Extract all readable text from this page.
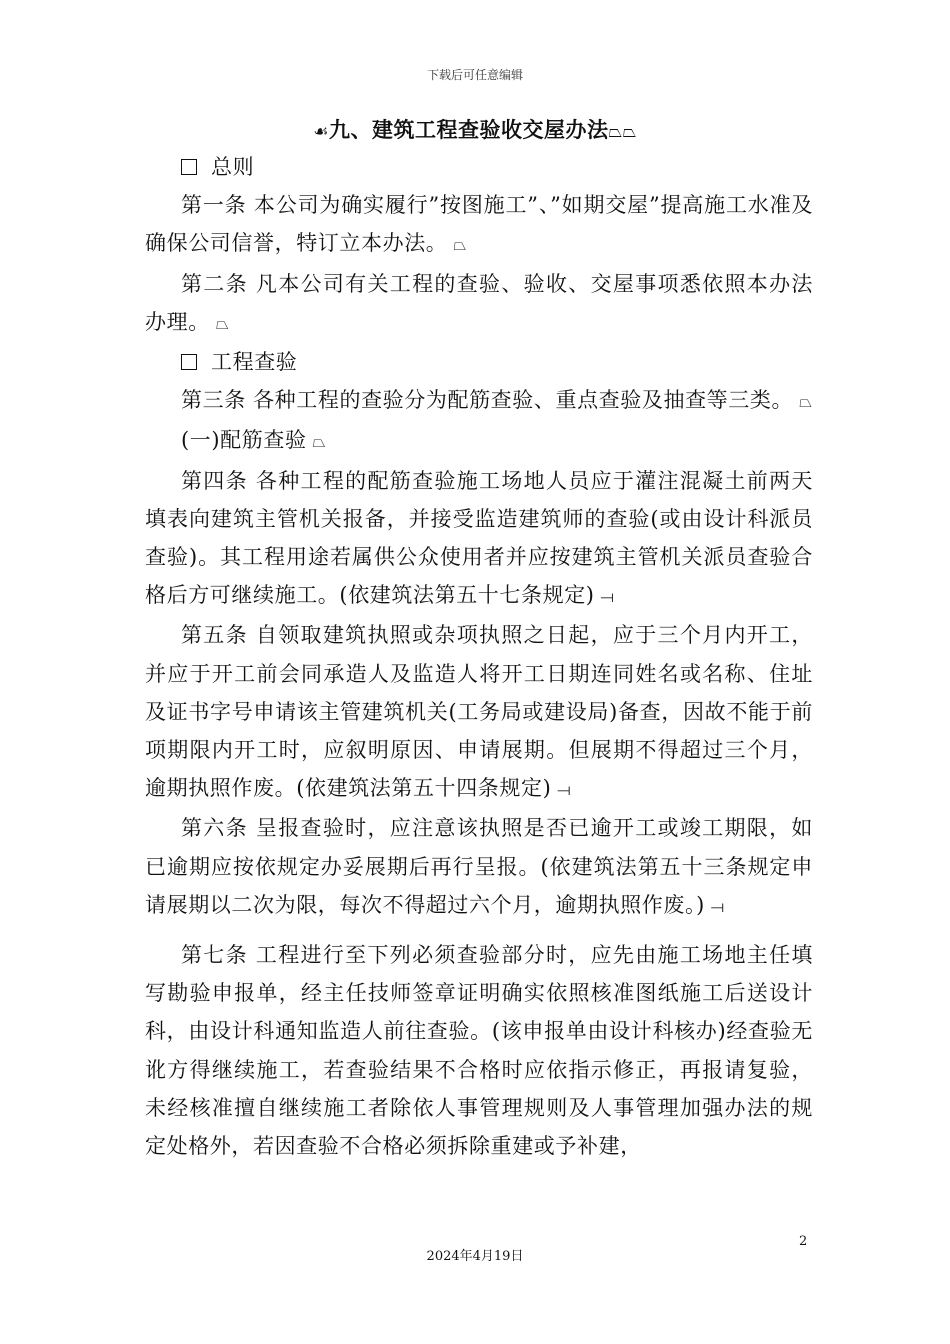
下载后可任意编辑
☙九、建筑工程查验收交屋办法⏢⏢

总则

第一条 本公司为确实履行”按图施工”、”如期交屋”提高施工水准及确保公司信誉，特订立本办法。 ⏢

第二条 凡本公司有关工程的查验、验收、交屋事项悉依照本办法办理。 ⏢

工程查验

第三条 各种工程的查验分为配筋查验、重点查验及抽查等三类。 ⏢

(一)配筋查验 ⏢

第四条 各种工程的配筋查验施工场地人员应于灌注混凝土前两天填表向建筑主管机关报备，并接受监造建筑师的查验(或由设计科派员查验)。其工程用途若属供公众使用者并应按建筑主管机关派员查验合格后方可继续施工。(依建筑法第五十七条规定) ⟞

第五条 自领取建筑执照或杂项执照之日起，应于三个月内开工，并应于开工前会同承造人及监造人将开工日期连同姓名或名称、住址及证书字号申请该主管建筑机关(工务局或建设局)备查，因故不能于前项期限内开工时，应叙明原因、申请展期。但展期不得超过三个月，逾期执照作废。(依建筑法第五十四条规定) ⟞

第六条 呈报查验时，应注意该执照是否已逾开工或竣工期限，如已逾期应按依规定办妥展期后再行呈报。(依建筑法第五十三条规定申请展期以二次为限，每次不得超过六个月，逾期执照作废。) ⟞

第七条 工程进行至下列必须查验部分时，应先由施工场地主任填写勘验申报单，经主任技师签章证明确实依照核准图纸施工后送设计科，由设计科通知监造人前往查验。(该申报单由设计科核办)经查验无讹方得继续施工，若查验结果不合格时应依指示修正，再报请复验，未经核准擅自继续施工者除依人事管理规则及人事管理加强办法的规定处格外，若因查验不合格必须拆除重建或予补建，

2
2024年4月19日
